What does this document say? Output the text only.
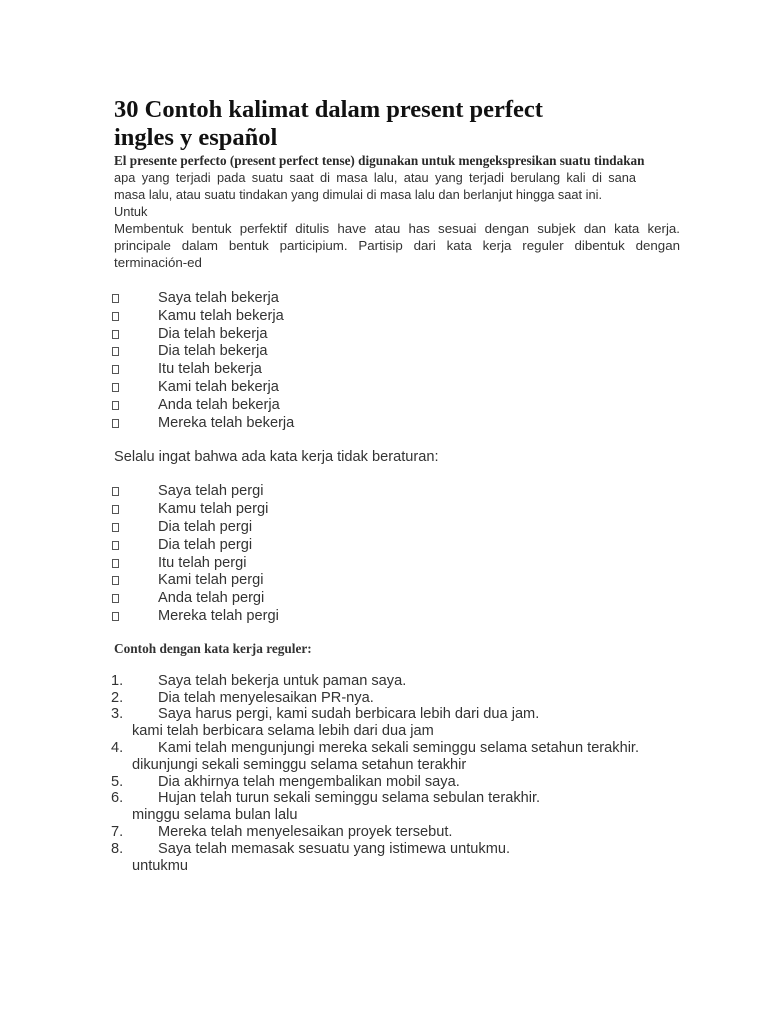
30 Contoh kalimat dalam present perfect
ingles y español
El presente perfecto (present perfect tense) digunakan untuk mengekspresikan suatu tindakan
apa yang terjadi pada suatu saat di masa lalu, atau yang terjadi berulang kali di sana
masa lalu, atau suatu tindakan yang dimulai di masa lalu dan berlanjut hingga saat ini. Untuk
Membentuk bentuk perfektif ditulis have atau has sesuai dengan subjek dan kata kerja.
principale dalam bentuk participium. Partisip dari kata kerja reguler dibentuk dengan
terminación-ed
Saya telah bekerja
Kamu telah bekerja
Dia telah bekerja
Dia telah bekerja
Itu telah bekerja
Kami telah bekerja
Anda telah bekerja
Mereka telah bekerja
Selalu ingat bahwa ada kata kerja tidak beraturan:
Saya telah pergi
Kamu telah pergi
Dia telah pergi
Dia telah pergi
Itu telah pergi
Kami telah pergi
Anda telah pergi
Mereka telah pergi
Contoh dengan kata kerja reguler:
1. Saya telah bekerja untuk paman saya.
2. Dia telah menyelesaikan PR-nya.
3. Saya harus pergi, kami sudah berbicara lebih dari dua jam.
kami telah berbicara selama lebih dari dua jam
4. Kami telah mengunjungi mereka sekali seminggu selama setahun terakhir.
dikunjungi sekali seminggu selama setahun terakhir
5. Dia akhirnya telah mengembalikan mobil saya.
6. Hujan telah turun sekali seminggu selama sebulan terakhir.
minggu selama bulan lalu
7. Mereka telah menyelesaikan proyek tersebut.
8. Saya telah memasak sesuatu yang istimewa untukmu.
untukmu
